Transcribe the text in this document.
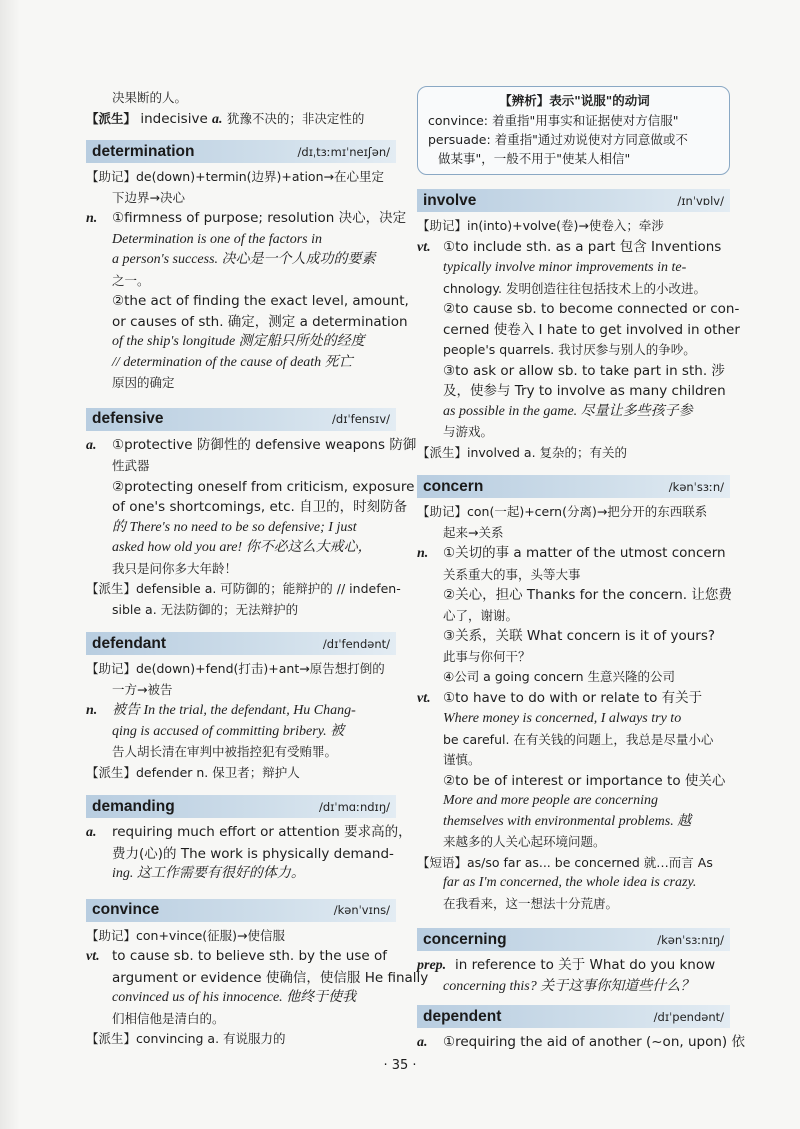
决果断的人。
【派生】 indecisive a. 犹豫不决的；非决定性的
determination	/dɪˌtɜːmɪˈneɪʃən/
【助记】de(down)+termin(边界)+ation→在心里定
下边界→决心
n. ①firmness of purpose; resolution 决心，决定
Determination is one of the factors in
a person's success. 决心是一个人成功的要素
之一。
②the act of finding the exact level, amount,
or causes of sth. 确定，测定 a determination
of the ship's longitude 测定船只所处的经度
// determination of the cause of death 死亡
原因的确定
defensive	/dɪˈfensɪv/
a. ①protective 防御性的 defensive weapons 防御
性武器
②protecting oneself from criticism, exposure
of one's shortcomings, etc. 自卫的，时刻防备
的 There's no need to be so defensive; I just
asked how old you are! 你不必这么大戒心，
我只是问你多大年龄！
【派生】defensible a. 可防御的；能辩护的 // indefen-
sible a. 无法防御的；无法辩护的
defendant	/dɪˈfendənt/
【助记】de(down)+fend(打击)+ant→原告想打倒的
一方→被告
n. 被告 In the trial, the defendant, Hu Chang-
qing is accused of committing bribery. 被
告人胡长清在审判中被指控犯有受贿罪。
【派生】defender n. 保卫者；辩护人
demanding	/dɪˈmɑːndɪŋ/
a. requiring much effort or attention 要求高的，
费力(心)的 The work is physically demand-
ing. 这工作需要有很好的体力。
convince	/kənˈvɪns/
【助记】con+vince(征服)→使信服
vt. to cause sb. to believe sth. by the use of
argument or evidence 使确信，使信服 He finally
convinced us of his innocence. 他终于使我
们相信他是清白的。
【派生】convincing a. 有说服力的
【辨析】表示"说服"的动词
convince: 着重指"用事实和证据使对方信服"
persuade: 着重指"通过劝说使对方同意做或不
做某事"，一般不用于"使某人相信"
involve	/ɪnˈvɒlv/
【助记】in(into)+volve(卷)→使卷入；牵涉
vt. ①to include sth. as a part 包含 Inventions
typically involve minor improvements in te-
chnology. 发明创造往往包括技术上的小改进。
②to cause sb. to become connected or con-
cerned 使卷入 I hate to get involved in other
people's quarrels. 我讨厌参与别人的争吵。
③to ask or allow sb. to take part in sth. 涉
及，使参与 Try to involve as many children
as possible in the game. 尽量让多些孩子参
与游戏。
【派生】involved a. 复杂的；有关的
concern	/kənˈsɜːn/
【助记】con(一起)+cern(分离)→把分开的东西联系
起来→关系
n. ①关切的事 a matter of the utmost concern
关系重大的事，头等大事
②关心，担心 Thanks for the concern. 让您费
心了，谢谢。
③关系，关联 What concern is it of yours?
此事与你何干？
④公司 a going concern 生意兴隆的公司
vt. ①to have to do with or relate to 有关于
Where money is concerned, I always try to
be careful. 在有关钱的问题上，我总是尽量小心
谨慎。
②to be of interest or importance to 使关心
More and more people are concerning
themselves with environmental problems. 越
来越多的人关心起环境问题。
【短语】as/so far as... be concerned 就…而言 As
far as I'm concerned, the whole idea is crazy.
在我看来，这一想法十分荒唐。
concerning	/kənˈsɜːnɪŋ/
prep. in reference to 关于 What do you know
concerning this? 关于这事你知道些什么？
dependent	/dɪˈpendənt/
a. ①requiring the aid of another (~on, upon) 依
· 35 ·
